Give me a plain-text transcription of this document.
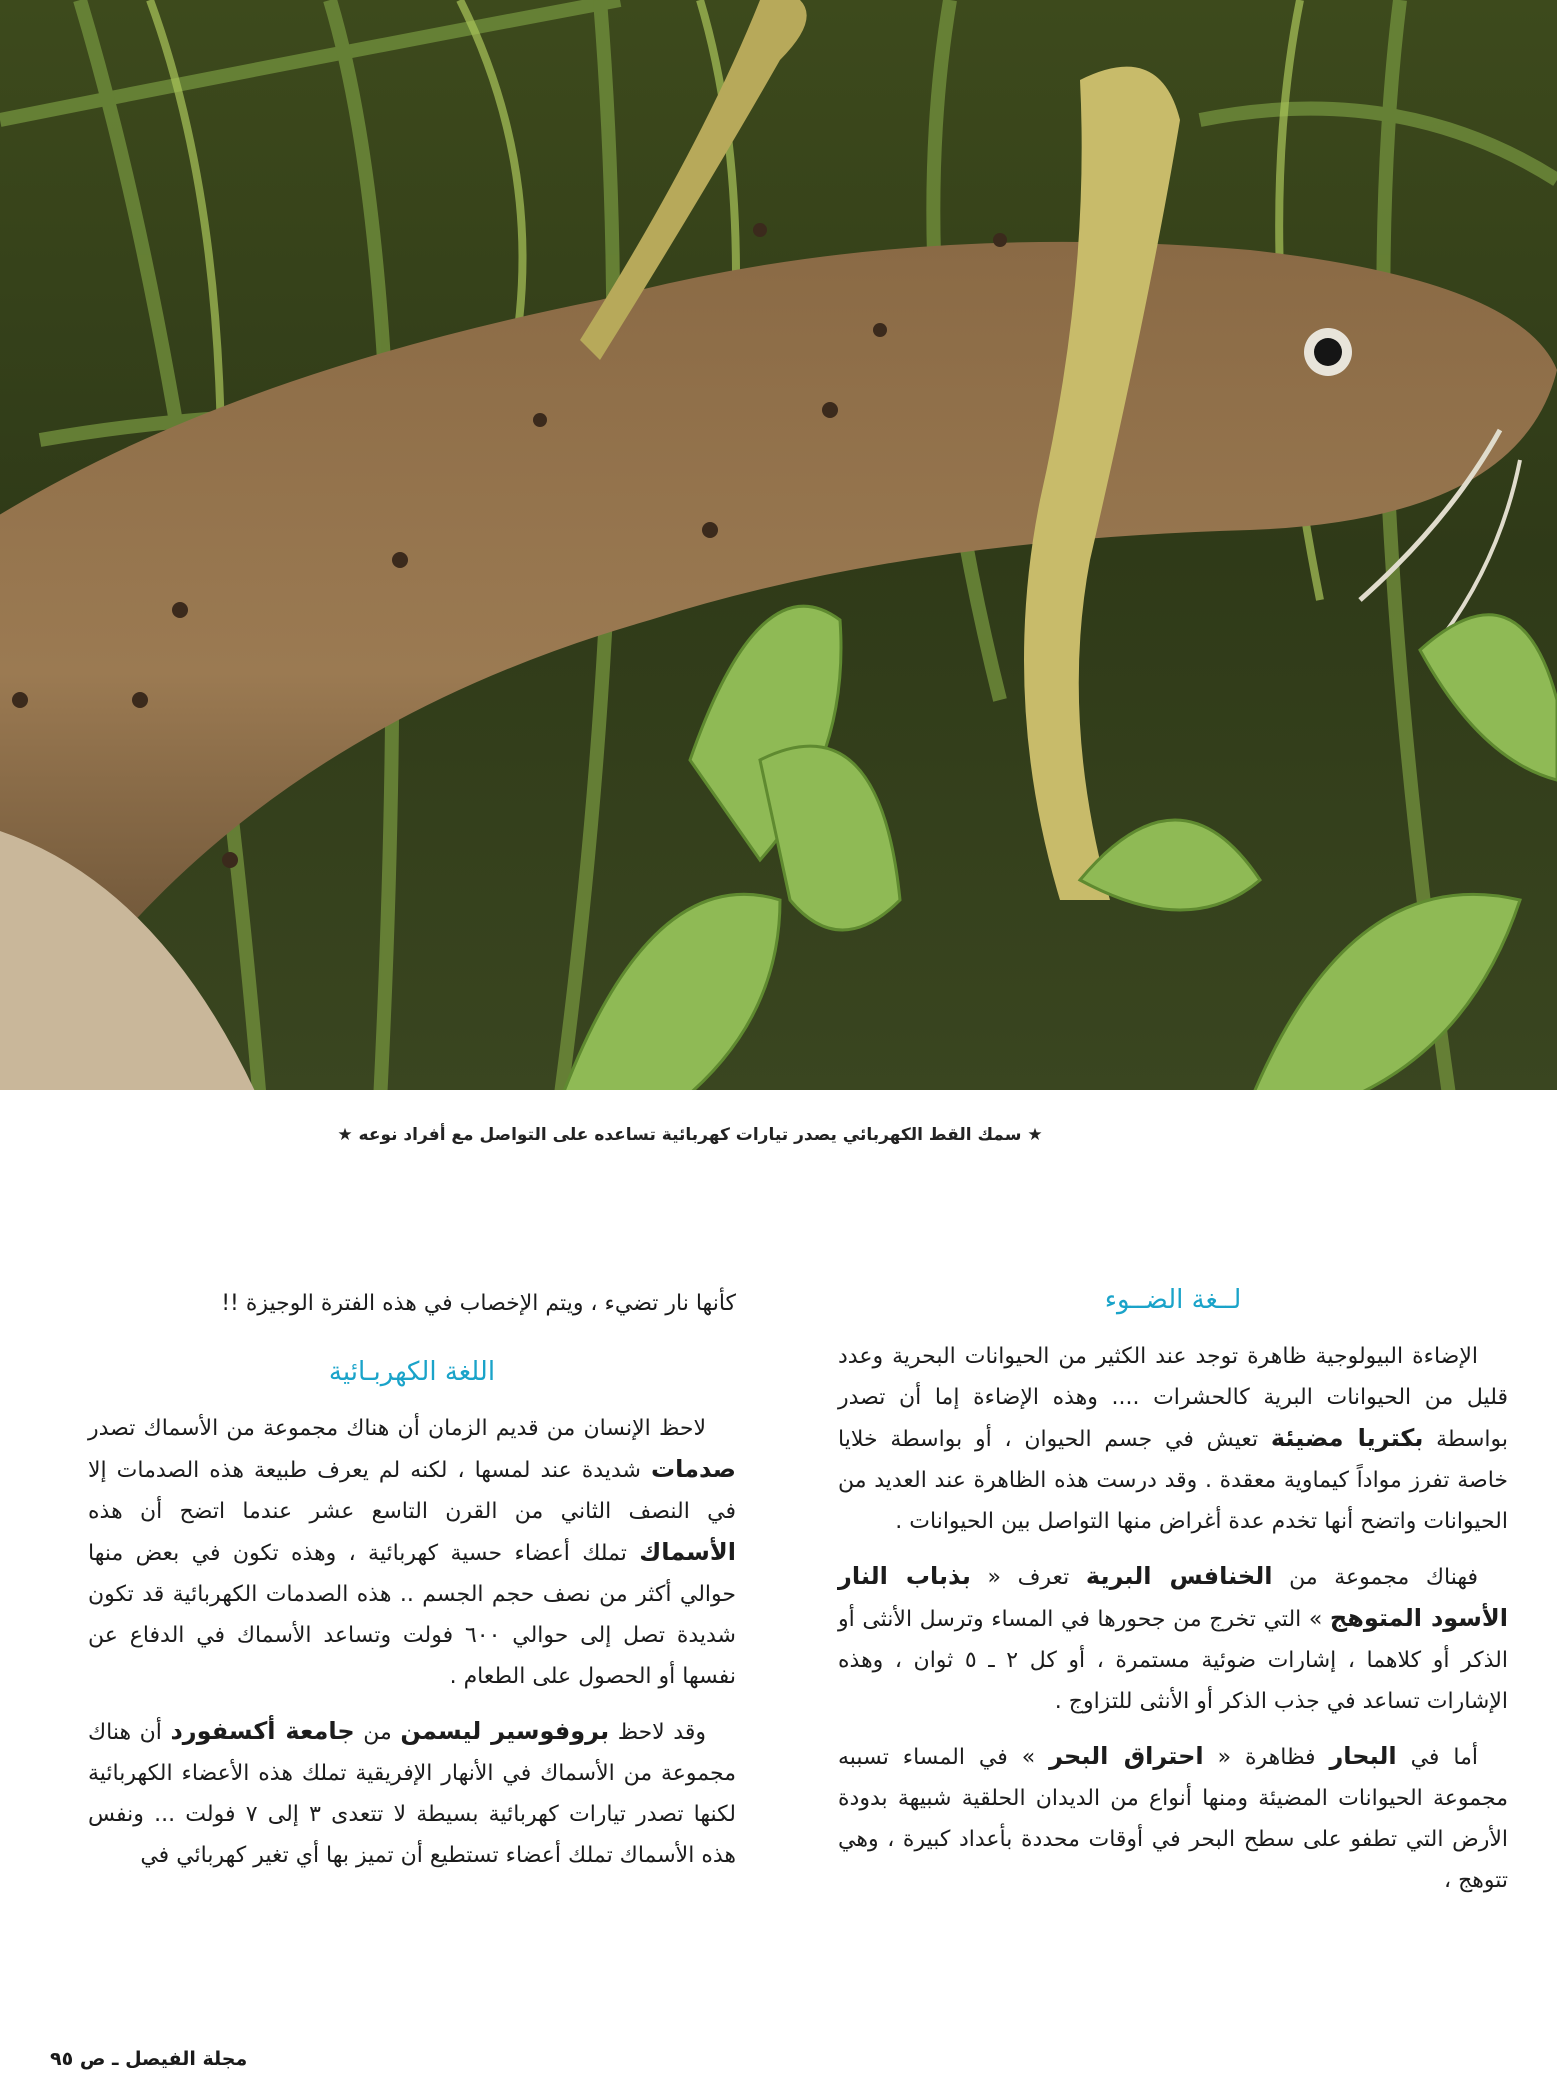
★ سمك القط الكهربائي يصدر تيارات كهربائية تساعده على التواصل مع أفراد نوعه ★
لــغة الضــوء

الإضاءة البيولوجية ظاهرة توجد عند الكثير من الحيوانات البحرية وعدد قليل من الحيوانات البرية كالحشرات .... وهذه الإضاءة إما أن تصدر بواسطة بكتريا مضيئة تعيش في جسم الحيوان ، أو بواسطة خلايا خاصة تفرز مواداً كيماوية معقدة . وقد درست هذه الظاهرة عند العديد من الحيوانات واتضح أنها تخدم عدة أغراض منها التواصل بين الحيوانات .

فهناك مجموعة من الخنافس البرية تعرف « بذباب النار الأسود المتوهج » التي تخرج من جحورها في المساء وترسل الأنثى أو الذكر أو كلاهما ، إشارات ضوئية مستمرة ، أو كل ٢ ـ ٥ ثوان ، وهذه الإشارات تساعد في جذب الذكر أو الأنثى للتزاوج .

أما في البحار فظاهرة « احتراق البحر » في المساء تسببه مجموعة الحيوانات المضيئة ومنها أنواع من الديدان الحلقية شبيهة بدودة الأرض التي تطفو على سطح البحر في أوقات محددة بأعداد كبيرة ، وهي تتوهج ،

كأنها نار تضيء ، ويتم الإخصاب في هذه الفترة الوجيزة !!

اللغة الكهربـائية

لاحظ الإنسان من قديم الزمان أن هناك مجموعة من الأسماك تصدر صدمات شديدة عند لمسها ، لكنه لم يعرف طبيعة هذه الصدمات إلا في النصف الثاني من القرن التاسع عشر عندما اتضح أن هذه الأسماك تملك أعضاء حسية كهربائية ، وهذه تكون في بعض منها حوالي أكثر من نصف حجم الجسم .. هذه الصدمات الكهربائية قد تكون شديدة تصل إلى حوالي ٦٠٠ فولت وتساعد الأسماك في الدفاع عن نفسها أو الحصول على الطعام .

وقد لاحظ بروفوسير ليسمن من جامعة أكسفورد أن هناك مجموعة من الأسماك في الأنهار الإفريقية تملك هذه الأعضاء الكهربائية لكنها تصدر تيارات كهربائية بسيطة لا تتعدى ٣ إلى ٧ فولت ... ونفس هذه الأسماك تملك أعضاء تستطيع أن تميز بها أي تغير كهربائي في

مجلة الفيصل ـ ص ٩٥
